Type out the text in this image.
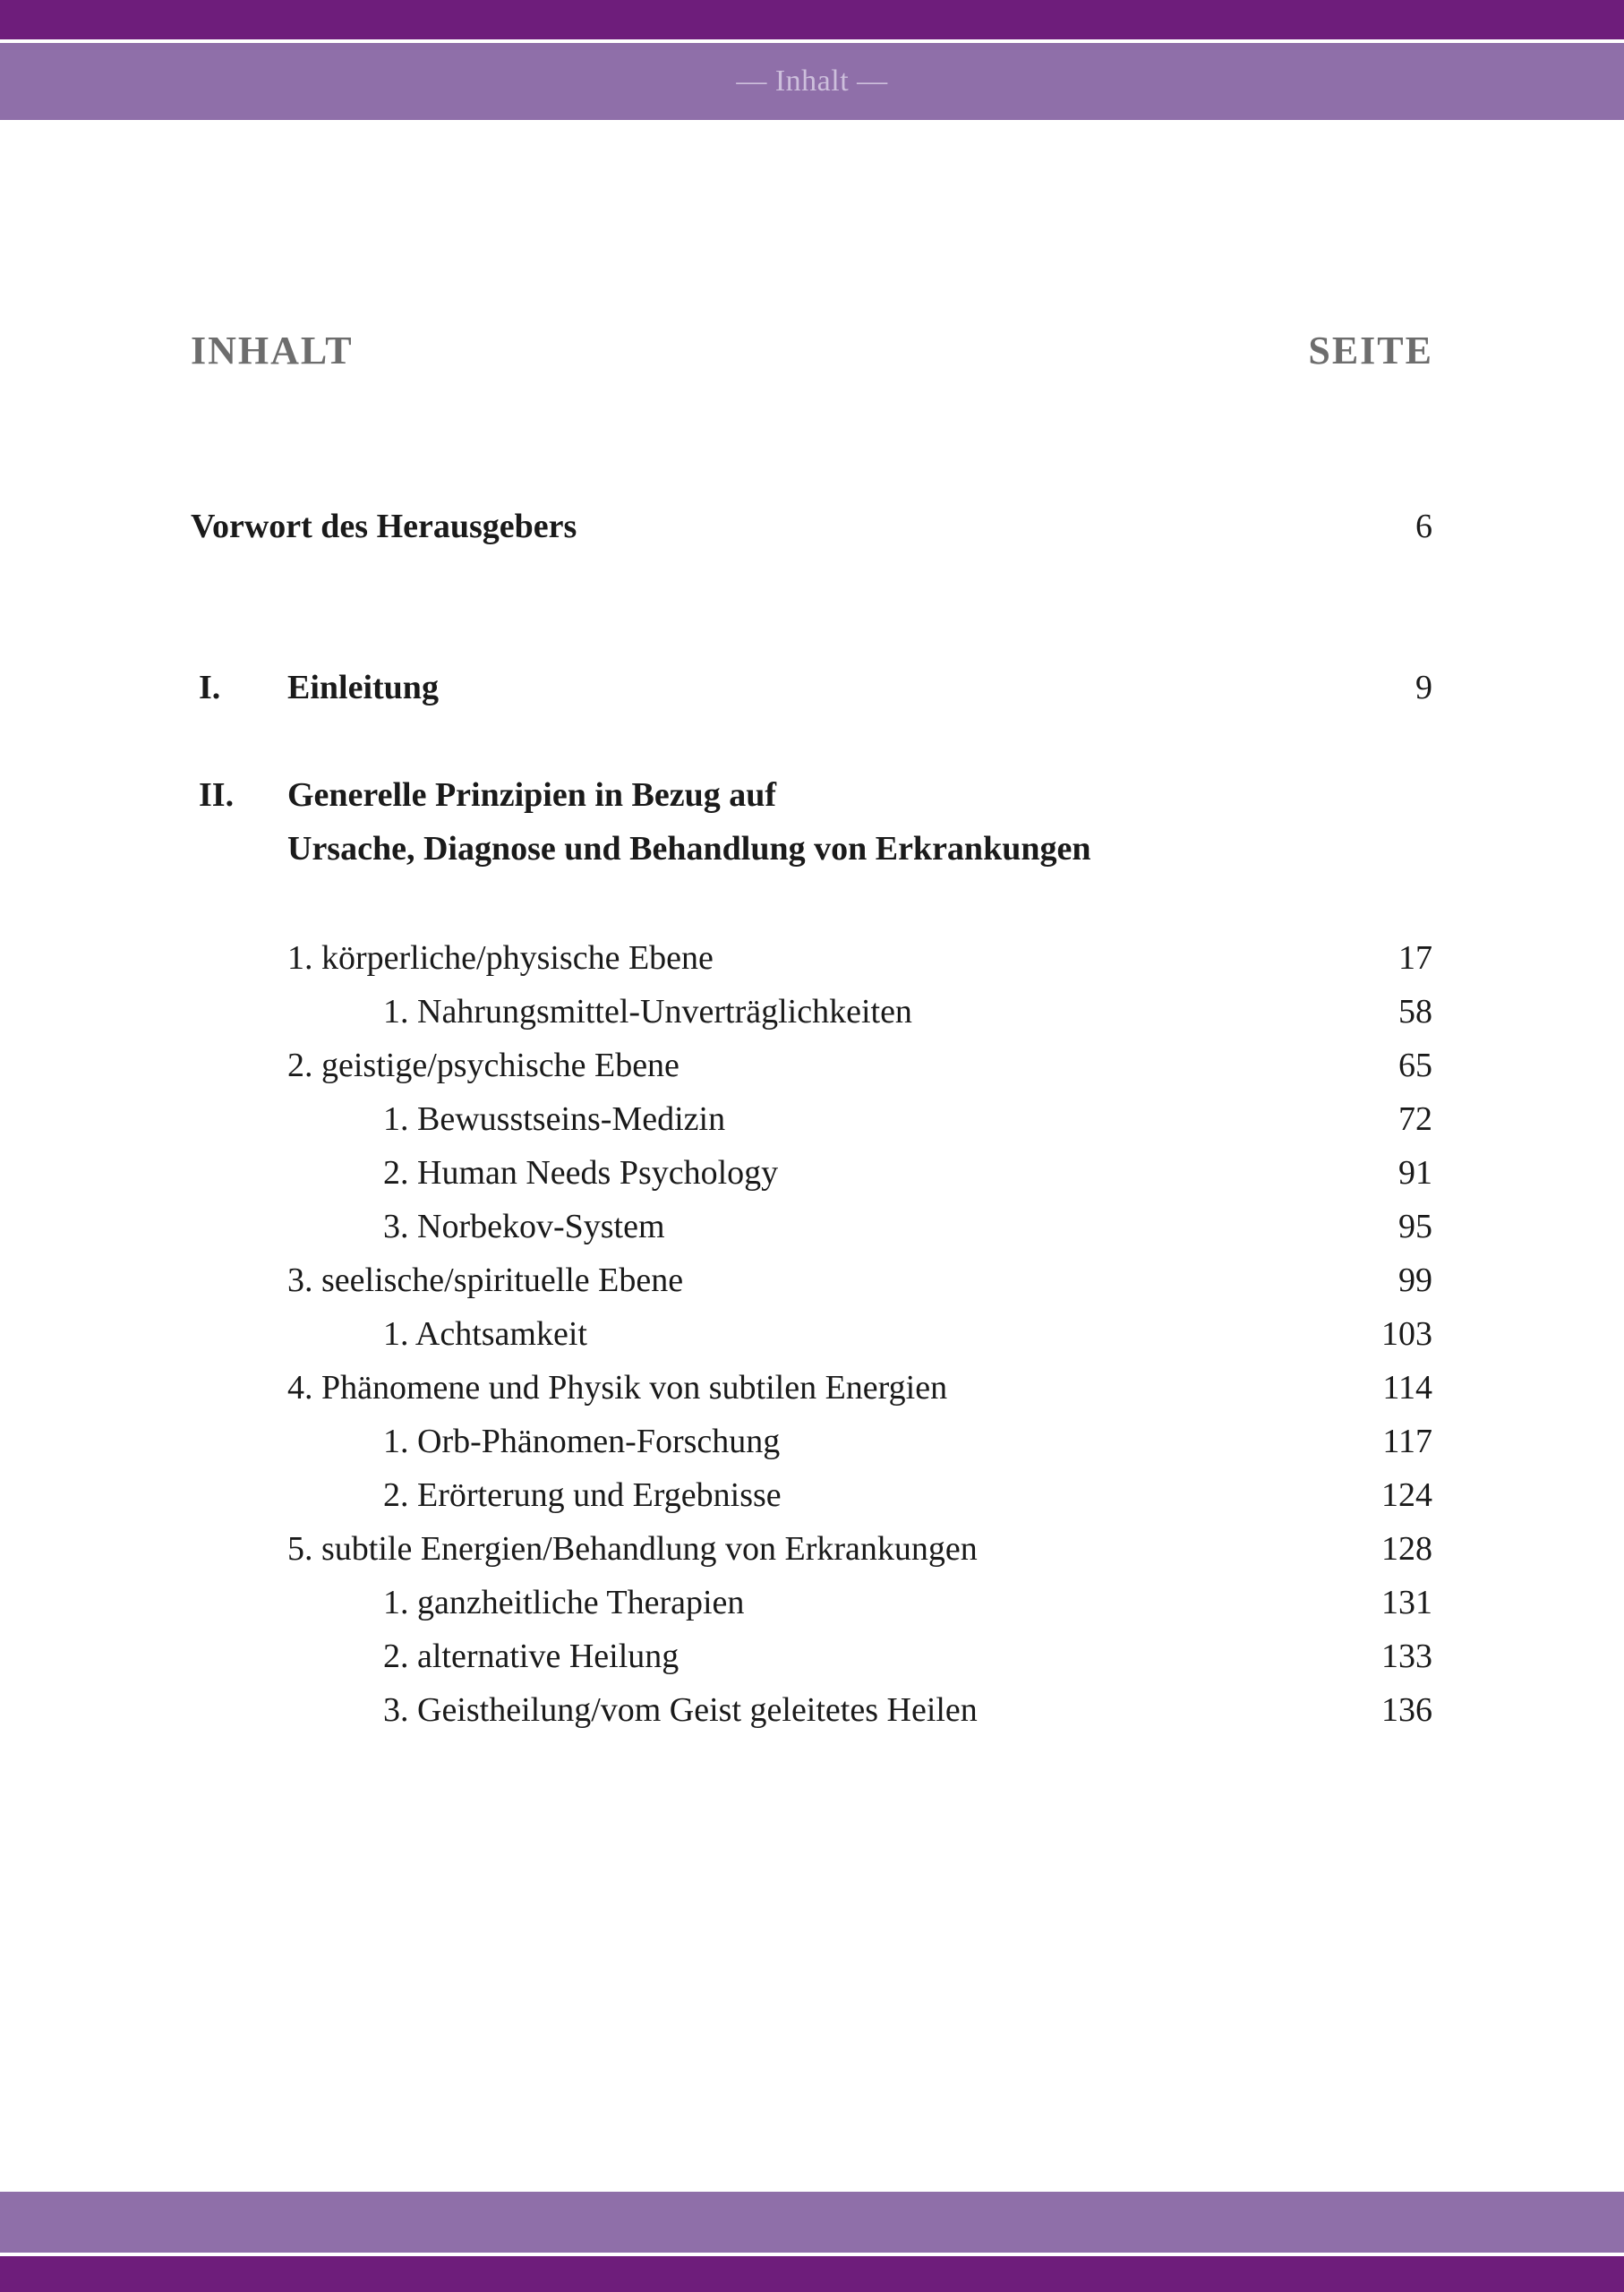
— Inhalt —
INHALT	SEITE
Vorwort des Herausgebers	6
I. Einleitung	9
II. Generelle Prinzipien in Bezug auf
Ursache, Diagnose und Behandlung von Erkrankungen
1. körperliche/physische Ebene	17
1. Nahrungsmittel-Unverträglichkeiten	58
2. geistige/psychische Ebene	65
1. Bewusstseins-Medizin	72
2. Human Needs Psychology	91
3. Norbekov-System	95
3. seelische/spirituelle Ebene	99
1. Achtsamkeit	103
4. Phänomene und Physik von subtilen Energien	114
1. Orb-Phänomen-Forschung	117
2. Erörterung und Ergebnisse	124
5. subtile Energien/Behandlung von Erkrankungen	128
1. ganzheitliche Therapien	131
2. alternative Heilung	133
3. Geistheilung/vom Geist geleitetes Heilen	136
